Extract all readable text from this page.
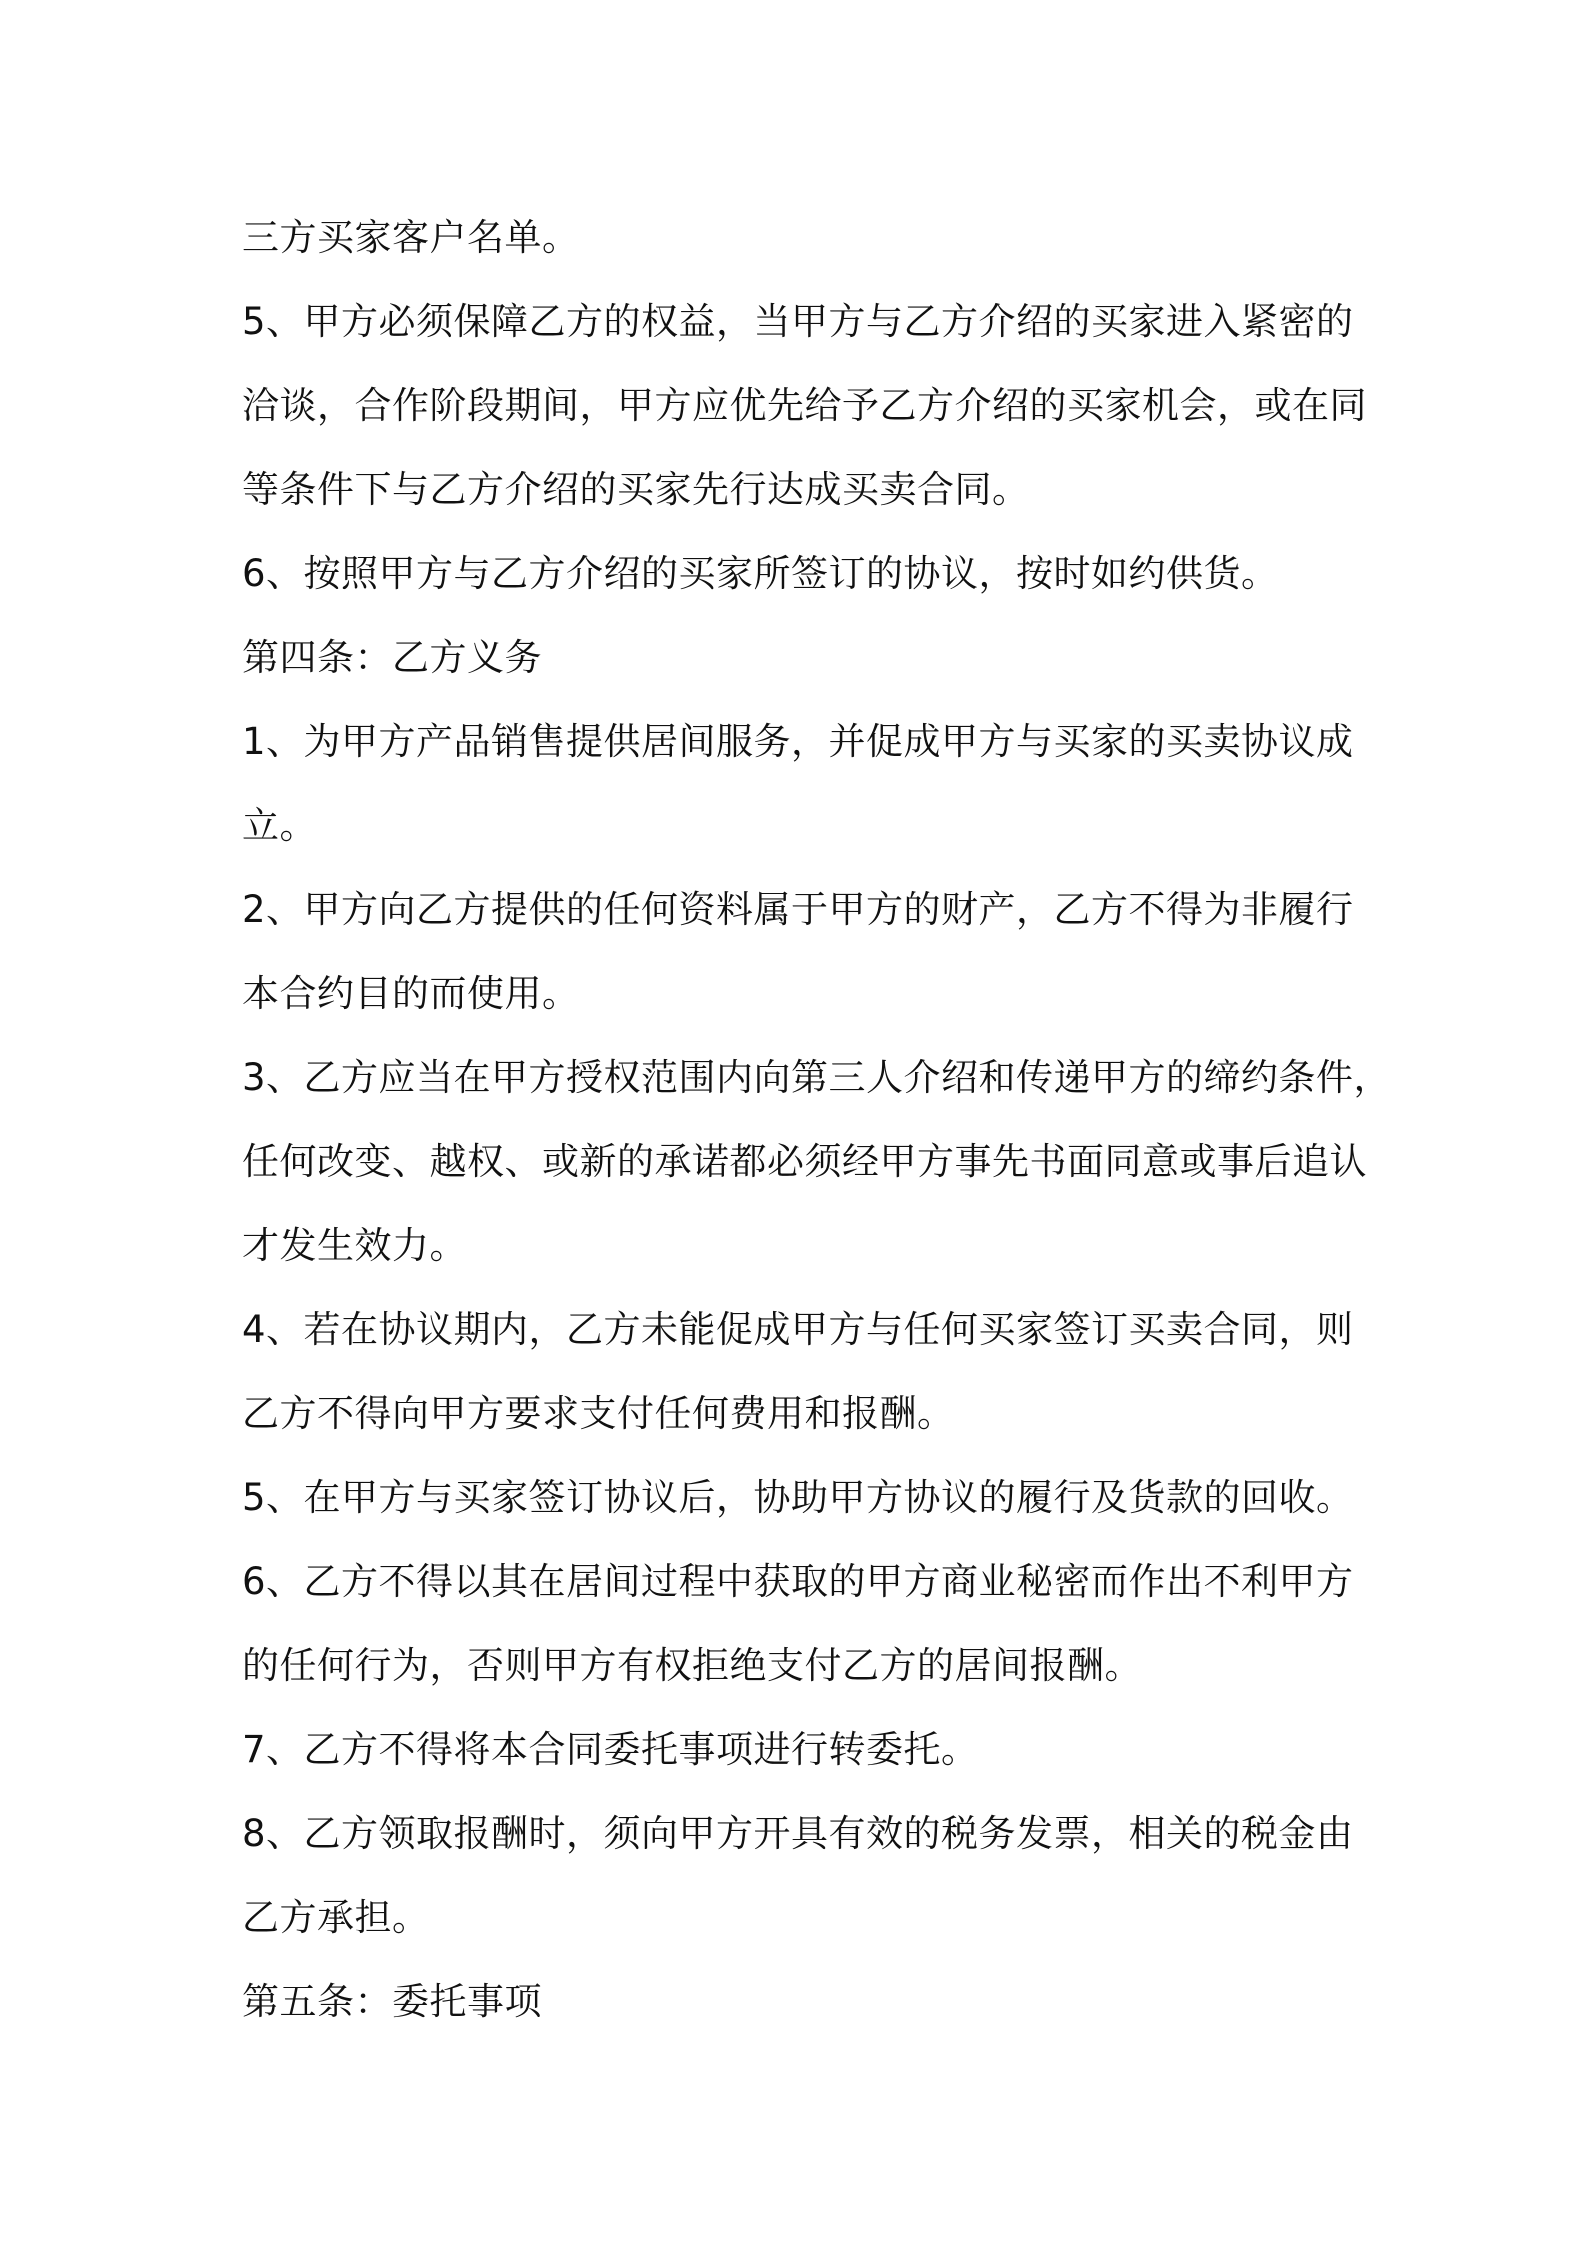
三方买家客户名单。
5、甲方必须保障乙方的权益，当甲方与乙方介绍的买家进入紧密的
洽谈，合作阶段期间，甲方应优先给予乙方介绍的买家机会，或在同
等条件下与乙方介绍的买家先行达成买卖合同。
6、按照甲方与乙方介绍的买家所签订的协议，按时如约供货。
第四条：乙方义务
1、为甲方产品销售提供居间服务，并促成甲方与买家的买卖协议成
立。
2、甲方向乙方提供的任何资料属于甲方的财产，乙方不得为非履行
本合约目的而使用。
3、乙方应当在甲方授权范围内向第三人介绍和传递甲方的缔约条件，
任何改变、越权、或新的承诺都必须经甲方事先书面同意或事后追认
才发生效力。
4、若在协议期内，乙方未能促成甲方与任何买家签订买卖合同，则
乙方不得向甲方要求支付任何费用和报酬。
5、在甲方与买家签订协议后，协助甲方协议的履行及货款的回收。
6、乙方不得以其在居间过程中获取的甲方商业秘密而作出不利甲方
的任何行为，否则甲方有权拒绝支付乙方的居间报酬。
7、乙方不得将本合同委托事项进行转委托。
8、乙方领取报酬时，须向甲方开具有效的税务发票，相关的税金由
乙方承担。
第五条：委托事项
